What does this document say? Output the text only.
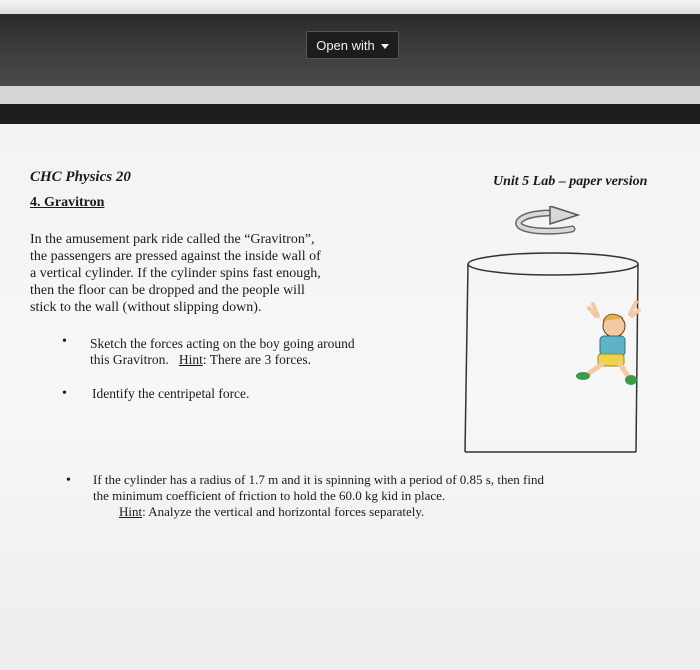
Open with
CHC Physics 20	Unit 5 Lab – paper version
4. Gravitron
In the amusement park ride called the “Gravitron”,
the passengers are pressed against the inside wall of
a vertical cylinder. If the cylinder spins fast enough,
then the floor can be dropped and the people will
stick to the wall (without slipping down).
• Sketch the forces acting on the boy going around
this Gravitron. Hint: There are 3 forces.
• Identify the centripetal force.
• If the cylinder has a radius of 1.7 m and it is spinning with a period of 0.85 s, then find
the minimum coefficient of friction to hold the 60.0 kg kid in place.
Hint: Analyze the vertical and horizontal forces separately.
